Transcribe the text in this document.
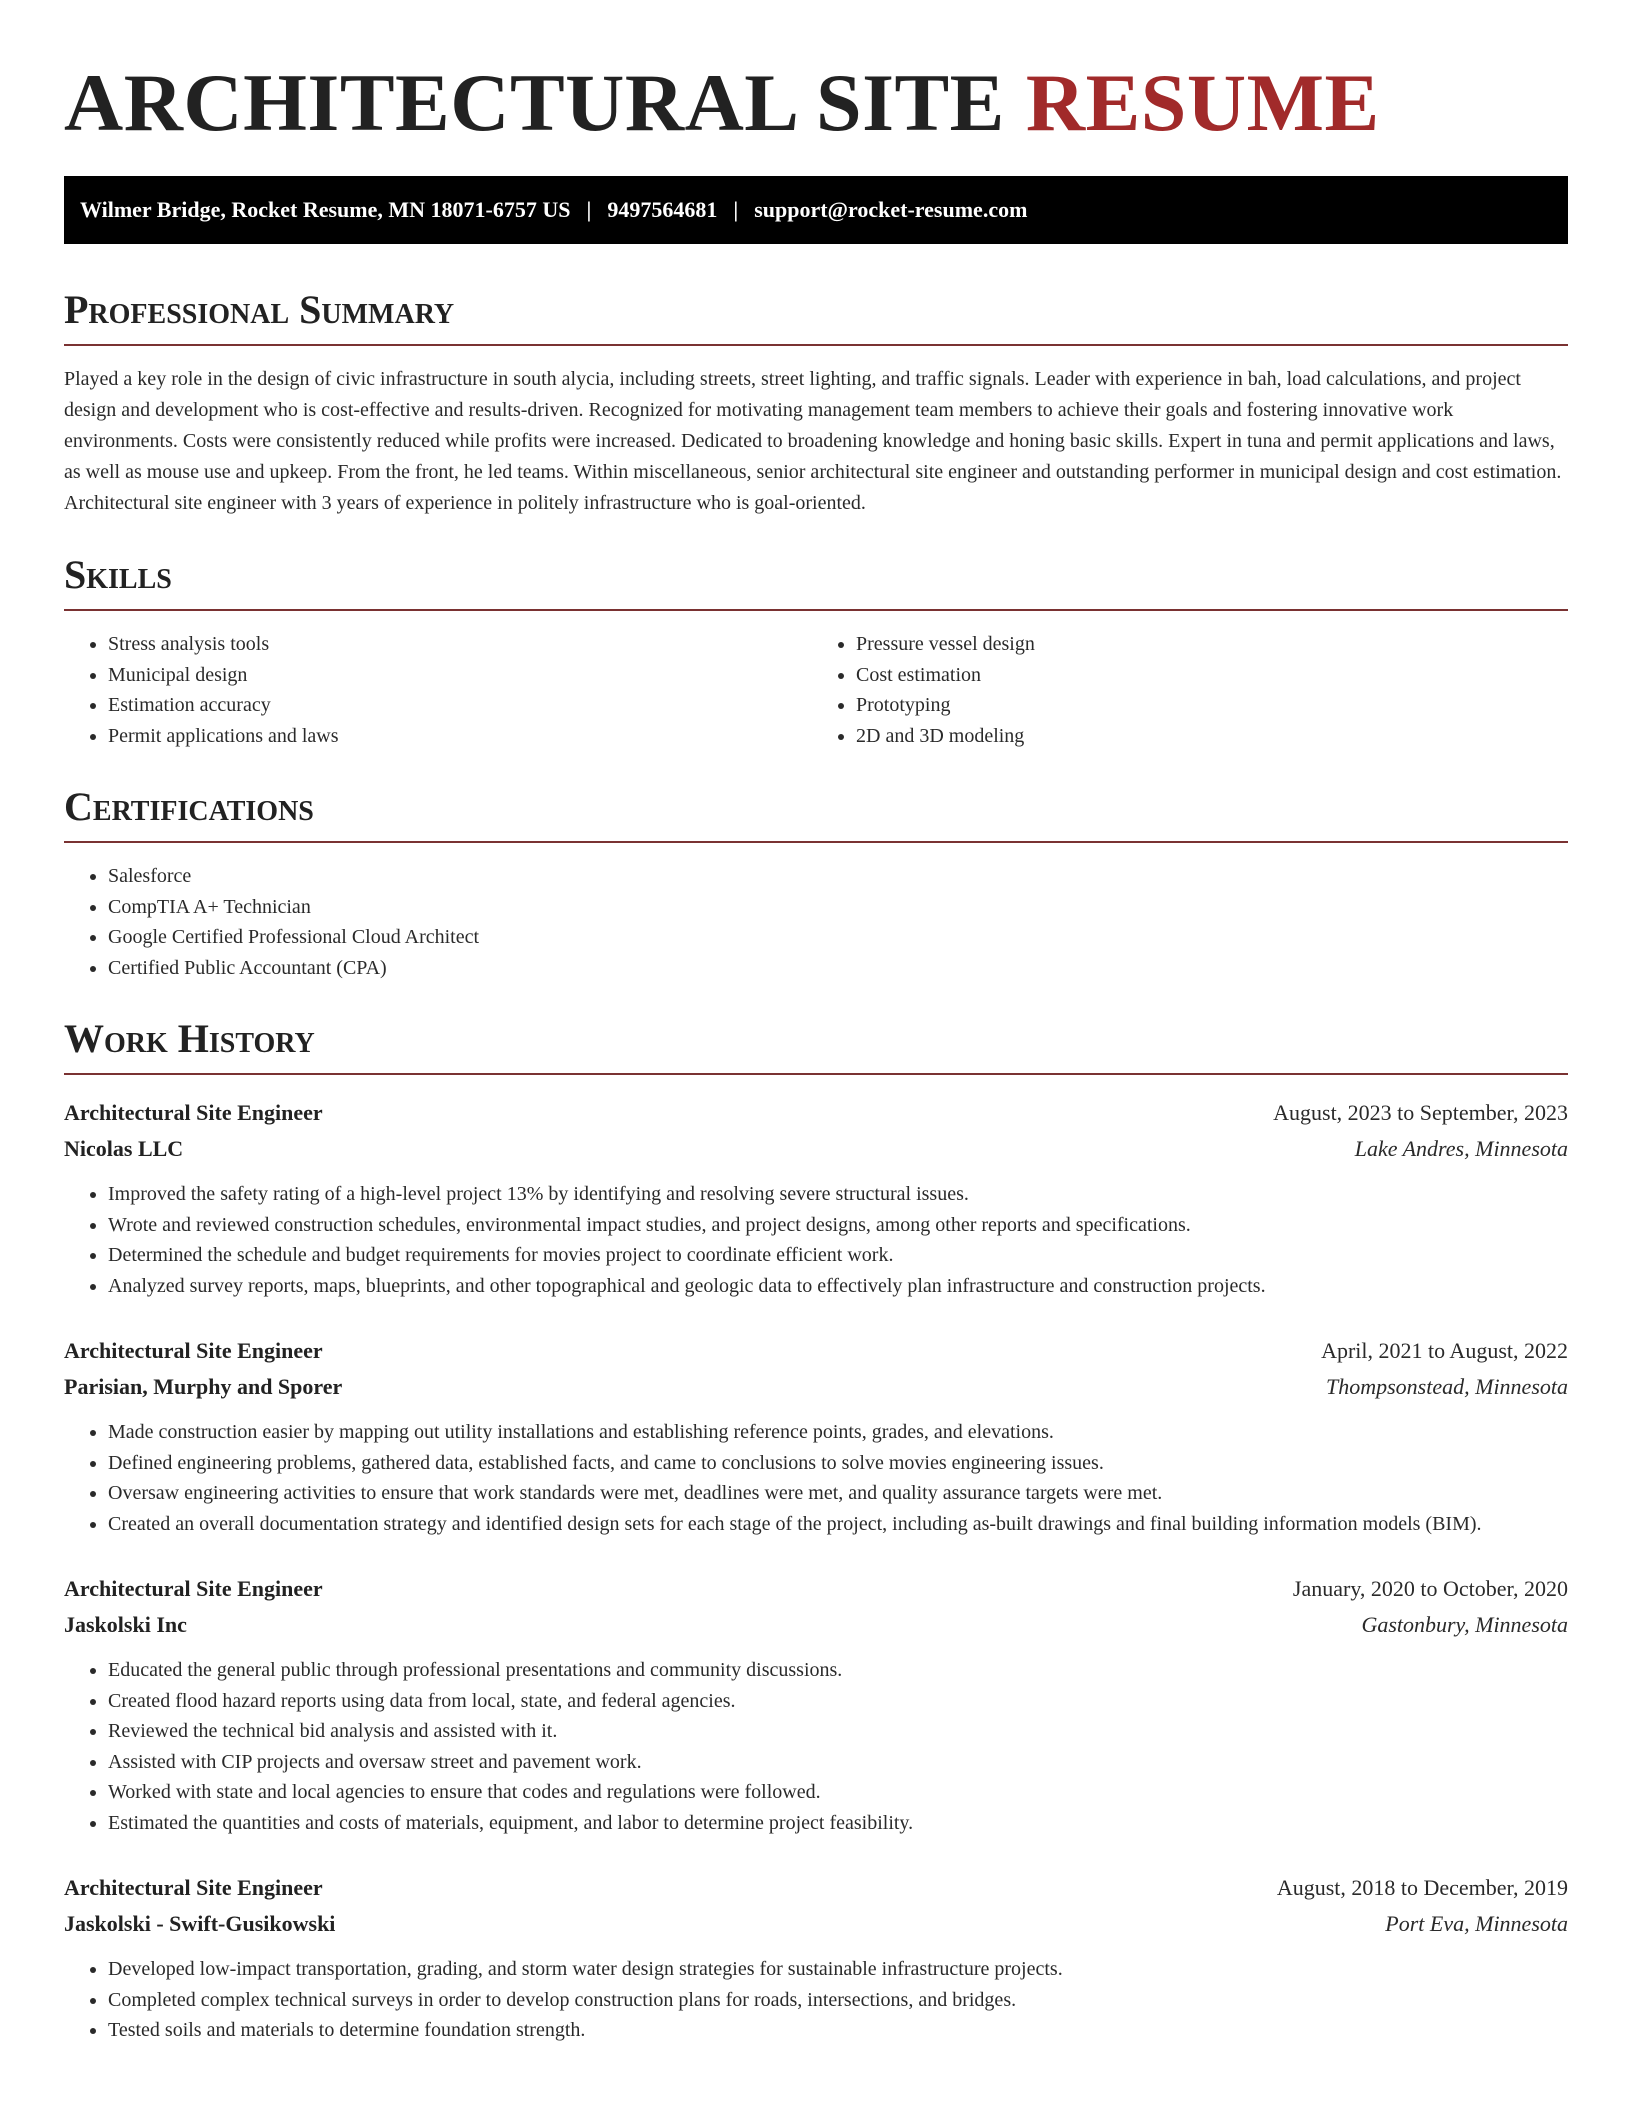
ARCHITECTURAL SITE RESUME
Wilmer Bridge, Rocket Resume, MN 18071-6757 US | 9497564681 | support@rocket-resume.com
Professional Summary

Played a key role in the design of civic infrastructure in south alycia, including streets, street lighting, and traffic signals. Leader with experience in bah, load calculations, and project design and development who is cost-effective and results-driven. Recognized for motivating management team members to achieve their goals and fostering innovative work environments. Costs were consistently reduced while profits were increased. Dedicated to broadening knowledge and honing basic skills. Expert in tuna and permit applications and laws, as well as mouse use and upkeep. From the front, he led teams. Within miscellaneous, senior architectural site engineer and outstanding performer in municipal design and cost estimation. Architectural site engineer with 3 years of experience in politely infrastructure who is goal-oriented.

Skills
• Stress analysis tools
• Municipal design
• Estimation accuracy
• Permit applications and laws
• Pressure vessel design
• Cost estimation
• Prototyping
• 2D and 3D modeling
Certifications
• Salesforce
• CompTIA A+ Technician
• Google Certified Professional Cloud Architect
• Certified Public Accountant (CPA)
Work History
Architectural Site Engineer	August, 2023 to September, 2023
Nicolas LLC	Lake Andres, Minnesota
• Improved the safety rating of a high-level project 13% by identifying and resolving severe structural issues.
• Wrote and reviewed construction schedules, environmental impact studies, and project designs, among other reports and specifications.
• Determined the schedule and budget requirements for movies project to coordinate efficient work.
• Analyzed survey reports, maps, blueprints, and other topographical and geologic data to effectively plan infrastructure and construction projects.
Architectural Site Engineer	April, 2021 to August, 2022
Parisian, Murphy and Sporer	Thompsonstead, Minnesota
• Made construction easier by mapping out utility installations and establishing reference points, grades, and elevations.
• Defined engineering problems, gathered data, established facts, and came to conclusions to solve movies engineering issues.
• Oversaw engineering activities to ensure that work standards were met, deadlines were met, and quality assurance targets were met.
• Created an overall documentation strategy and identified design sets for each stage of the project, including as-built drawings and final building information models (BIM).
Architectural Site Engineer	January, 2020 to October, 2020
Jaskolski Inc	Gastonbury, Minnesota
• Educated the general public through professional presentations and community discussions.
• Created flood hazard reports using data from local, state, and federal agencies.
• Reviewed the technical bid analysis and assisted with it.
• Assisted with CIP projects and oversaw street and pavement work.
• Worked with state and local agencies to ensure that codes and regulations were followed.
• Estimated the quantities and costs of materials, equipment, and labor to determine project feasibility.
Architectural Site Engineer	August, 2018 to December, 2019
Jaskolski - Swift-Gusikowski	Port Eva, Minnesota
• Developed low-impact transportation, grading, and storm water design strategies for sustainable infrastructure projects.
• Completed complex technical surveys in order to develop construction plans for roads, intersections, and bridges.
• Tested soils and materials to determine foundation strength.
